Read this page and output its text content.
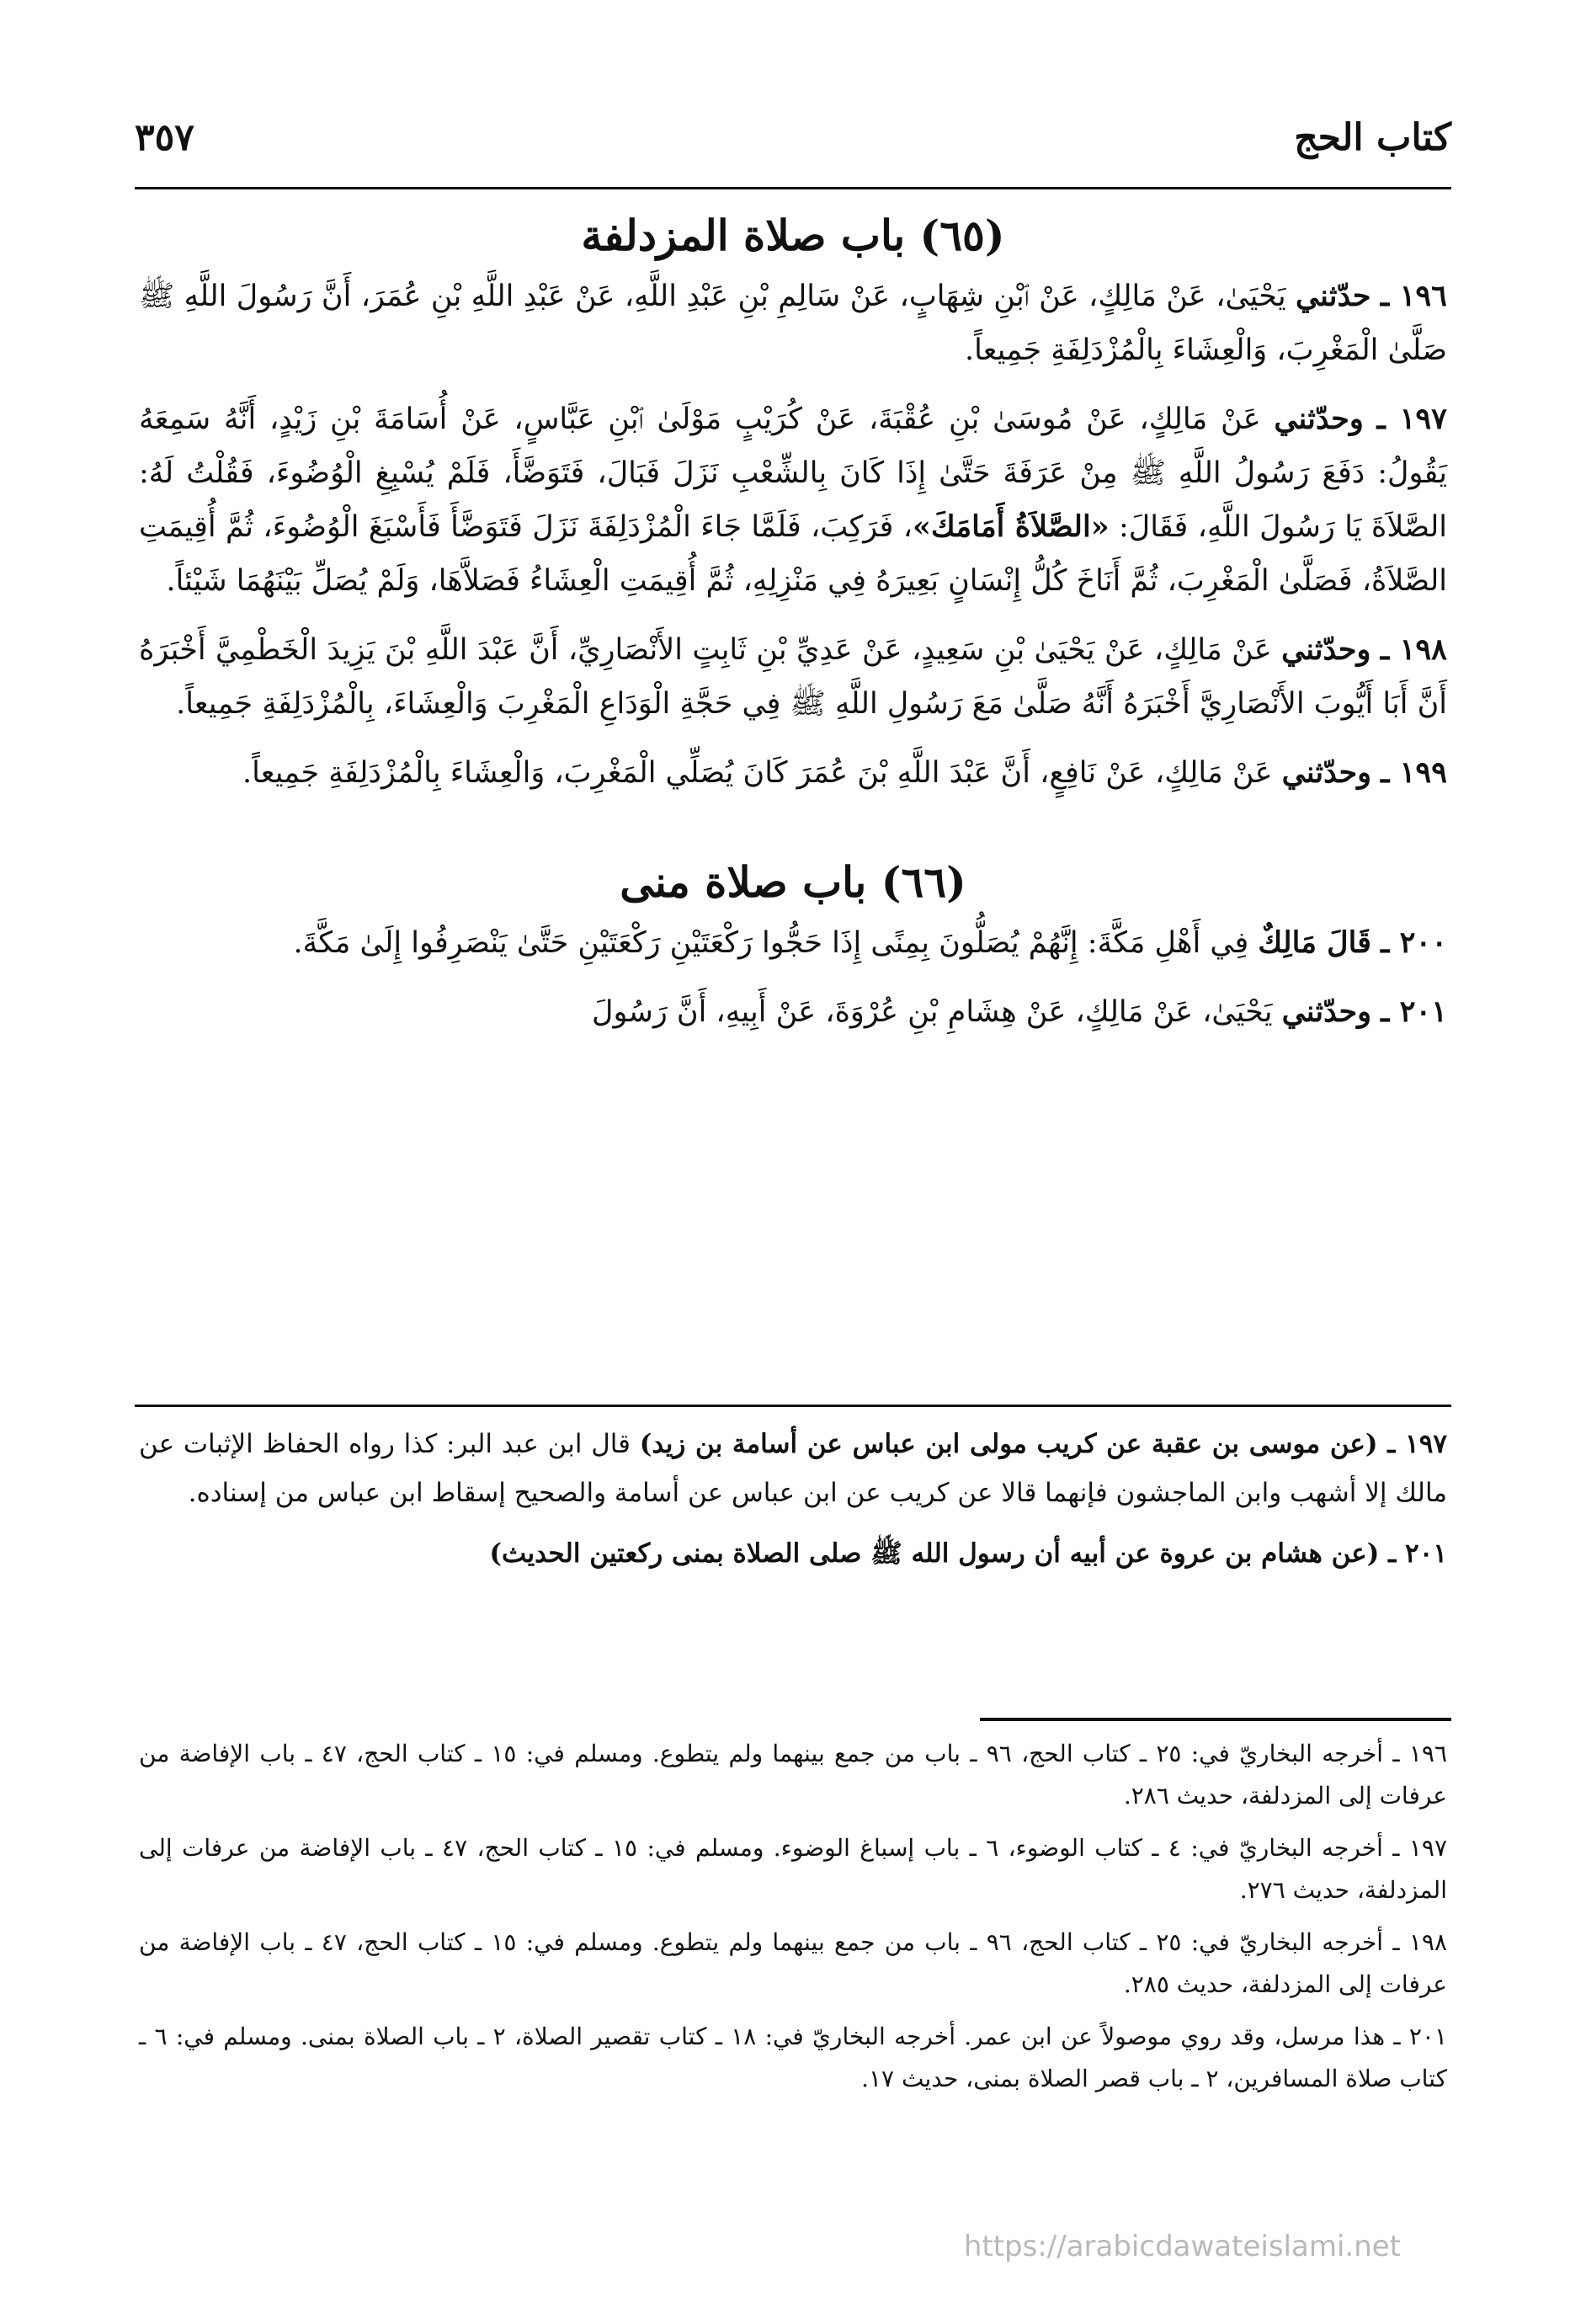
كتاب الحج
٣٥٧
(٦٥) باب صلاة المزدلفة

١٩٦ ـ حدّثني يَحْيَىٰ، عَنْ مَالِكٍ، عَنْ ٱبْنِ شِهَابٍ، عَنْ سَالِمِ بْنِ عَبْدِ اللَّهِ، عَنْ عَبْدِ اللَّهِ بْنِ عُمَرَ، أَنَّ رَسُولَ اللَّهِ ﷺ صَلَّىٰ الْمَغْرِبَ، وَالْعِشَاءَ بِالْمُزْدَلِفَةِ جَمِيعاً.

١٩٧ ـ وحدّثني عَنْ مَالِكٍ، عَنْ مُوسَىٰ بْنِ عُقْبَةَ، عَنْ كُرَيْبٍ مَوْلَىٰ ٱبْنِ عَبَّاسٍ، عَنْ أُسَامَةَ بْنِ زَيْدٍ، أَنَّهُ سَمِعَهُ يَقُولُ: دَفَعَ رَسُولُ اللَّهِ ﷺ مِنْ عَرَفَةَ حَتَّىٰ إِذَا كَانَ بِالشِّعْبِ نَزَلَ فَبَالَ، فَتَوَضَّأَ، فَلَمْ يُسْبِغِ الْوُضُوءَ، فَقُلْتُ لَهُ: الصَّلاَةَ يَا رَسُولَ اللَّهِ، فَقَالَ: «الصَّلاَةُ أَمَامَكَ»، فَرَكِبَ، فَلَمَّا جَاءَ الْمُزْدَلِفَةَ نَزَلَ فَتَوَضَّأَ فَأَسْبَغَ الْوُضُوءَ، ثُمَّ أُقِيمَتِ الصَّلاَةُ، فَصَلَّىٰ الْمَغْرِبَ، ثُمَّ أَنَاخَ كُلُّ إِنْسَانٍ بَعِيرَهُ فِي مَنْزِلِهِ، ثُمَّ أُقِيمَتِ الْعِشَاءُ فَصَلاَّهَا، وَلَمْ يُصَلِّ بَيْنَهُمَا شَيْئاً.

١٩٨ ـ وحدّثني عَنْ مَالِكٍ، عَنْ يَحْيَىٰ بْنِ سَعِيدٍ، عَنْ عَدِيِّ بْنِ ثَابِتٍ الأَنْصَارِيِّ، أَنَّ عَبْدَ اللَّهِ بْنَ يَزِيدَ الْخَطْمِيَّ أَخْبَرَهُ أَنَّ أَبَا أَيُّوبَ الأَنْصَارِيَّ أَخْبَرَهُ أَنَّهُ صَلَّىٰ مَعَ رَسُولِ اللَّهِ ﷺ فِي حَجَّةِ الْوَدَاعِ الْمَغْرِبَ وَالْعِشَاءَ، بِالْمُزْدَلِفَةِ جَمِيعاً.

١٩٩ ـ وحدّثني عَنْ مَالِكٍ، عَنْ نَافِعٍ، أَنَّ عَبْدَ اللَّهِ بْنَ عُمَرَ كَانَ يُصَلِّي الْمَغْرِبَ، وَالْعِشَاءَ بِالْمُزْدَلِفَةِ جَمِيعاً.

(٦٦) باب صلاة منى

٢٠٠ ـ قَالَ مَالِكٌ فِي أَهْلِ مَكَّةَ: إِنَّهُمْ يُصَلُّونَ بِمِنًى إِذَا حَجُّوا رَكْعَتَيْنِ رَكْعَتَيْنِ حَتَّىٰ يَنْصَرِفُوا إِلَىٰ مَكَّةَ.

٢٠١ ـ وحدّثني يَحْيَىٰ، عَنْ مَالِكٍ، عَنْ هِشَامِ بْنِ عُرْوَةَ، عَنْ أَبِيهِ، أَنَّ رَسُولَ

١٩٧ ـ (عن موسى بن عقبة عن كريب مولى ابن عباس عن أسامة بن زيد) قال ابن عبد البر: كذا رواه الحفاظ الإثبات عن مالك إلا أشهب وابن الماجشون فإنهما قالا عن كريب عن ابن عباس عن أسامة والصحيح إسقاط ابن عباس من إسناده.

٢٠١ ـ (عن هشام بن عروة عن أبيه أن رسول الله ﷺ صلى الصلاة بمنى ركعتين الحديث)

١٩٦ ـ أخرجه البخاريّ في: ٢٥ ـ كتاب الحج، ٩٦ ـ باب من جمع بينهما ولم يتطوع. ومسلم في: ١٥ ـ كتاب الحج، ٤٧ ـ باب الإفاضة من عرفات إلى المزدلفة، حديث ٢٨٦.

١٩٧ ـ أخرجه البخاريّ في: ٤ ـ كتاب الوضوء، ٦ ـ باب إسباغ الوضوء. ومسلم في: ١٥ ـ كتاب الحج، ٤٧ ـ باب الإفاضة من عرفات إلى المزدلفة، حديث ٢٧٦.

١٩٨ ـ أخرجه البخاريّ في: ٢٥ ـ كتاب الحج، ٩٦ ـ باب من جمع بينهما ولم يتطوع. ومسلم في: ١٥ ـ كتاب الحج، ٤٧ ـ باب الإفاضة من عرفات إلى المزدلفة، حديث ٢٨٥.

٢٠١ ـ هذا مرسل، وقد روي موصولاً عن ابن عمر. أخرجه البخاريّ في: ١٨ ـ كتاب تقصير الصلاة، ٢ ـ باب الصلاة بمنى. ومسلم في: ٦ ـ كتاب صلاة المسافرين، ٢ ـ باب قصر الصلاة بمنى، حديث ١٧.

https://arabicdawateislami.net
